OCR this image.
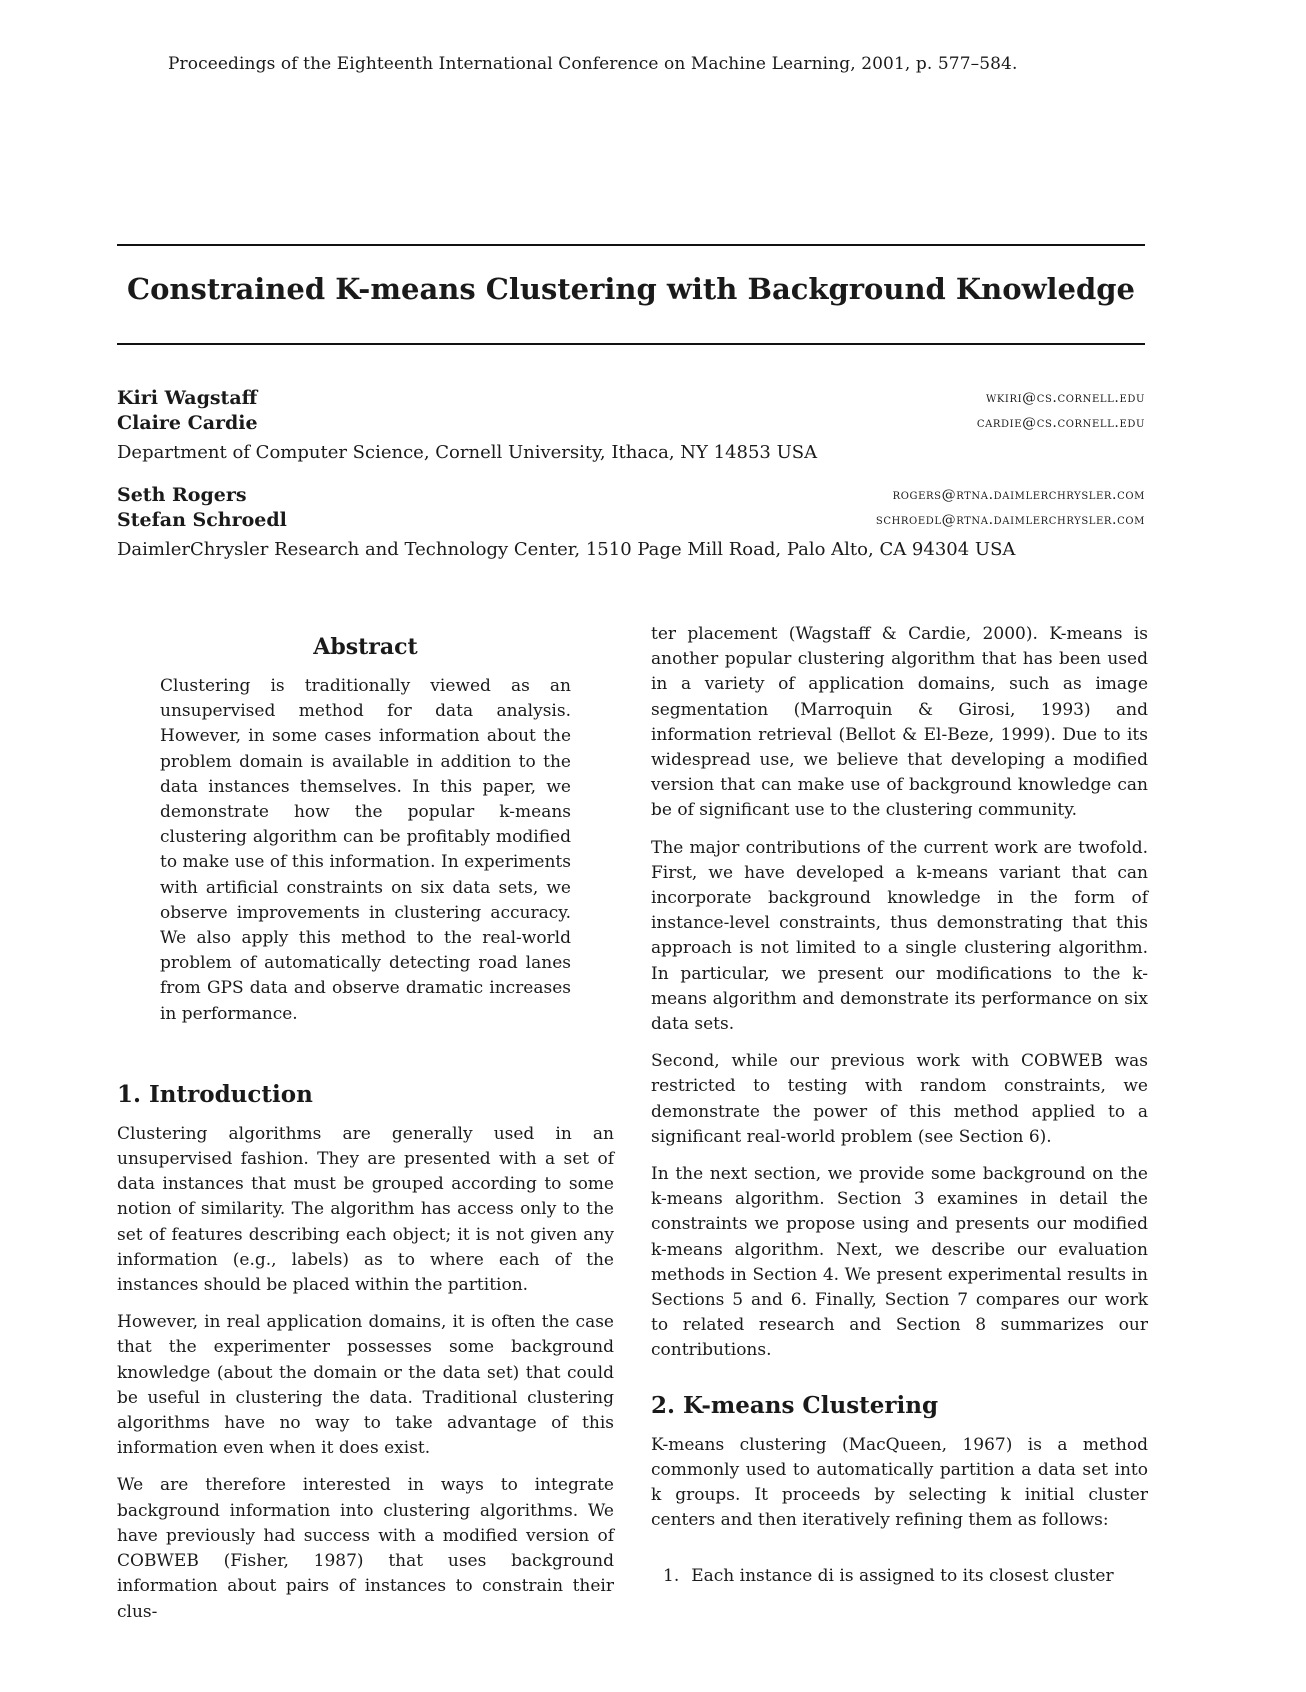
Proceedings of the Eighteenth International Conference on Machine Learning, 2001, p. 577–584.
Constrained K-means Clustering with Background Knowledge
Kiri Wagstaff	wkiri@cs.cornell.edu
Claire Cardie	cardie@cs.cornell.edu
Department of Computer Science, Cornell University, Ithaca, NY 14853 USA
Seth Rogers	rogers@rtna.daimlerchrysler.com
Stefan Schroedl	schroedl@rtna.daimlerchrysler.com
DaimlerChrysler Research and Technology Center, 1510 Page Mill Road, Palo Alto, CA 94304 USA
Abstract
Clustering is traditionally viewed as an unsupervised method for data analysis. However, in some cases information about the problem domain is available in addition to the data instances themselves. In this paper, we demonstrate how the popular k-means clustering algorithm can be profitably modified to make use of this information. In experiments with artificial constraints on six data sets, we observe improvements in clustering accuracy. We also apply this method to the real-world problem of automatically detecting road lanes from GPS data and observe dramatic increases in performance.
1. Introduction

Clustering algorithms are generally used in an unsupervised fashion. They are presented with a set of data instances that must be grouped according to some notion of similarity. The algorithm has access only to the set of features describing each object; it is not given any information (e.g., labels) as to where each of the instances should be placed within the partition.

However, in real application domains, it is often the case that the experimenter possesses some background knowledge (about the domain or the data set) that could be useful in clustering the data. Traditional clustering algorithms have no way to take advantage of this information even when it does exist.

We are therefore interested in ways to integrate background information into clustering algorithms. We have previously had success with a modified version of COBWEB (Fisher, 1987) that uses background information about pairs of instances to constrain their clus-

ter placement (Wagstaff & Cardie, 2000). K-means is another popular clustering algorithm that has been used in a variety of application domains, such as image segmentation (Marroquin & Girosi, 1993) and information retrieval (Bellot & El-Beze, 1999). Due to its widespread use, we believe that developing a modified version that can make use of background knowledge can be of significant use to the clustering community.

The major contributions of the current work are twofold. First, we have developed a k-means variant that can incorporate background knowledge in the form of instance-level constraints, thus demonstrating that this approach is not limited to a single clustering algorithm. In particular, we present our modifications to the k-means algorithm and demonstrate its performance on six data sets.

Second, while our previous work with COBWEB was restricted to testing with random constraints, we demonstrate the power of this method applied to a significant real-world problem (see Section 6).

In the next section, we provide some background on the k-means algorithm. Section 3 examines in detail the constraints we propose using and presents our modified k-means algorithm. Next, we describe our evaluation methods in Section 4. We present experimental results in Sections 5 and 6. Finally, Section 7 compares our work to related research and Section 8 summarizes our contributions.

2. K-means Clustering

K-means clustering (MacQueen, 1967) is a method commonly used to automatically partition a data set into k groups. It proceeds by selecting k initial cluster centers and then iteratively refining them as follows:

1. Each instance di is assigned to its closest cluster
